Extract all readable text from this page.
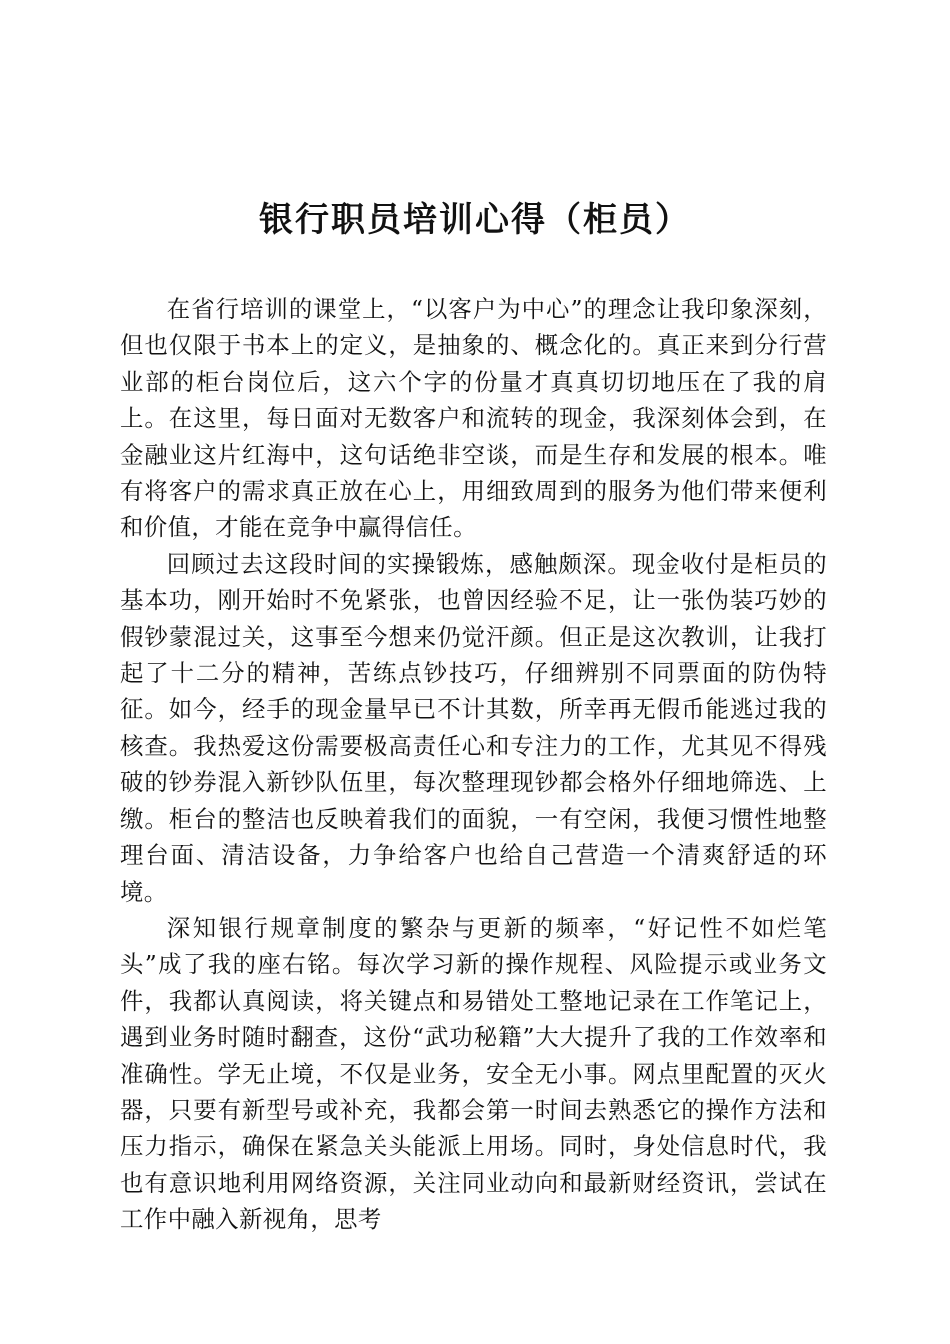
银行职员培训心得（柜员）

在省行培训的课堂上，“以客户为中心”的理念让我印象深刻，但也仅限于书本上的定义，是抽象的、概念化的。真正来到分行营业部的柜台岗位后，这六个字的份量才真真切切地压在了我的肩上。在这里，每日面对无数客户和流转的现金，我深刻体会到，在金融业这片红海中，这句话绝非空谈，而是生存和发展的根本。唯有将客户的需求真正放在心上，用细致周到的服务为他们带来便利和价值，才能在竞争中赢得信任。

回顾过去这段时间的实操锻炼，感触颇深。现金收付是柜员的基本功，刚开始时不免紧张，也曾因经验不足，让一张伪装巧妙的假钞蒙混过关，这事至今想来仍觉汗颜。但正是这次教训，让我打起了十二分的精神，苦练点钞技巧，仔细辨别不同票面的防伪特征。如今，经手的现金量早已不计其数，所幸再无假币能逃过我的核查。我热爱这份需要极高责任心和专注力的工作，尤其见不得残破的钞券混入新钞队伍里，每次整理现钞都会格外仔细地筛选、上缴。柜台的整洁也反映着我们的面貌，一有空闲，我便习惯性地整理台面、清洁设备，力争给客户也给自己营造一个清爽舒适的环境。

深知银行规章制度的繁杂与更新的频率，“好记性不如烂笔头”成了我的座右铭。每次学习新的操作规程、风险提示或业务文件，我都认真阅读，将关键点和易错处工整地记录在工作笔记上，遇到业务时随时翻查，这份“武功秘籍”大大提升了我的工作效率和准确性。学无止境，不仅是业务，安全无小事。网点里配置的灭火器，只要有新型号或补充，我都会第一时间去熟悉它的操作方法和压力指示，确保在紧急关头能派上用场。同时，身处信息时代，我也有意识地利用网络资源，关注同业动向和最新财经资讯，尝试在工作中融入新视角，思考
